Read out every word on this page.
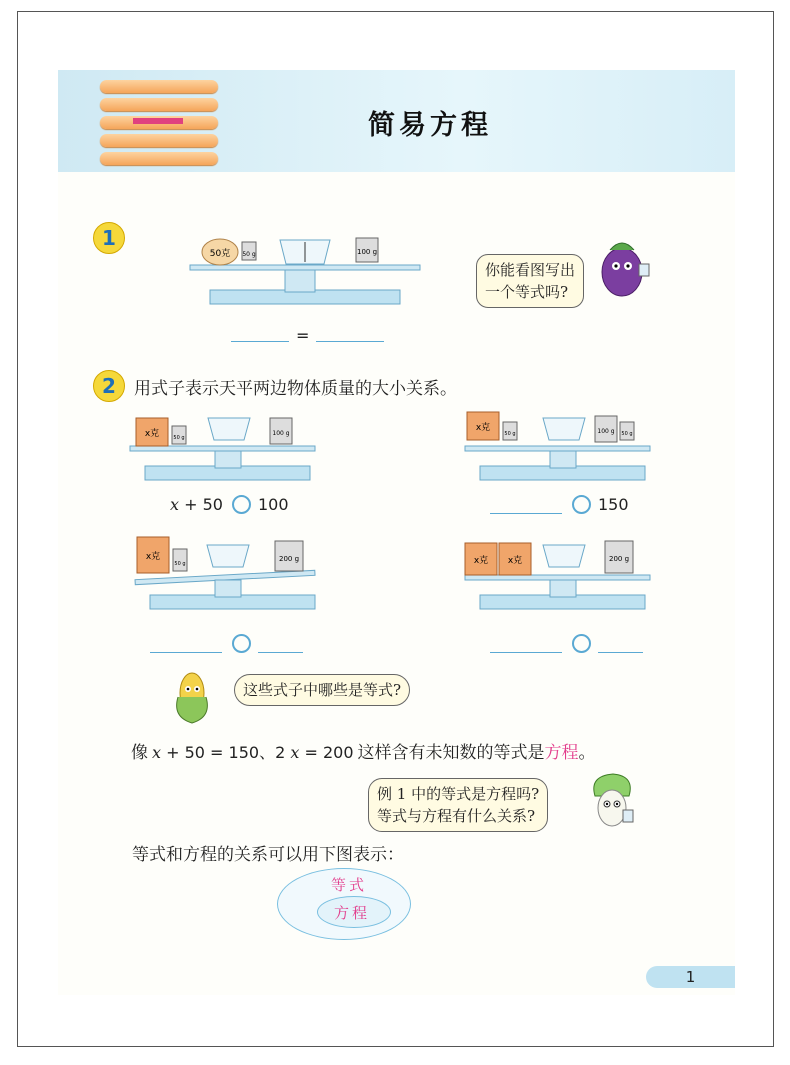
简易方程
1
50克 50 g	100 g
=
你能看图写出
一个等式吗?
2	用式子表示天平两边物体质量的大小关系。
x克	50 g
100 g
x + 50 100
x克
50 g	100 g 50 g
150
x克
50 g
200 g	x克 x克	200 g
这些式子中哪些是等式?
像 x + 50 = 150、2 x = 200 这样含有未知数的等式是方程。
例 1 中的等式是方程吗?
等式与方程有什么关系?
等式和方程的关系可以用下图表示：
等式
方程
1
